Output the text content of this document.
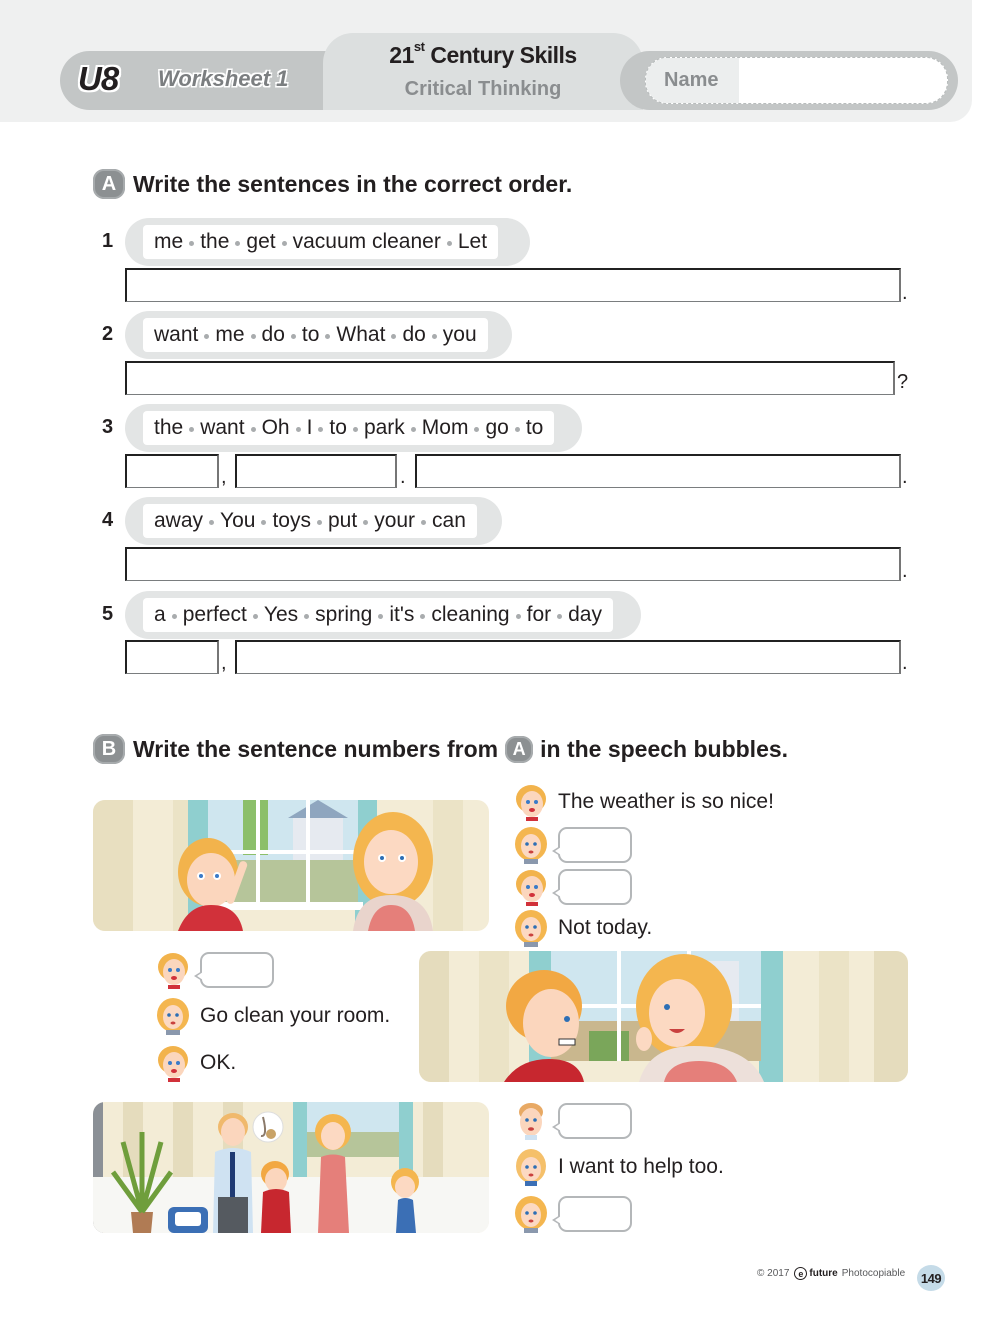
U8 Worksheet 1
21st Century Skills
Critical Thinking	Name
A Write the sentences in the correct order.
1 me the get vacuum cleaner Let
.
2 want me do to What do you
?
3 the want Oh I to park Mom go to
,	.	.
4 away You toys put your can
.
5 a perfect Yes spring it's cleaning for day
,	.
B Write the sentence numbers from A in the speech bubbles.
The weather is so nice!
Not today.
Go clean your room.
OK.
I want to help too.
© 2017 e future Photocopiable 149
